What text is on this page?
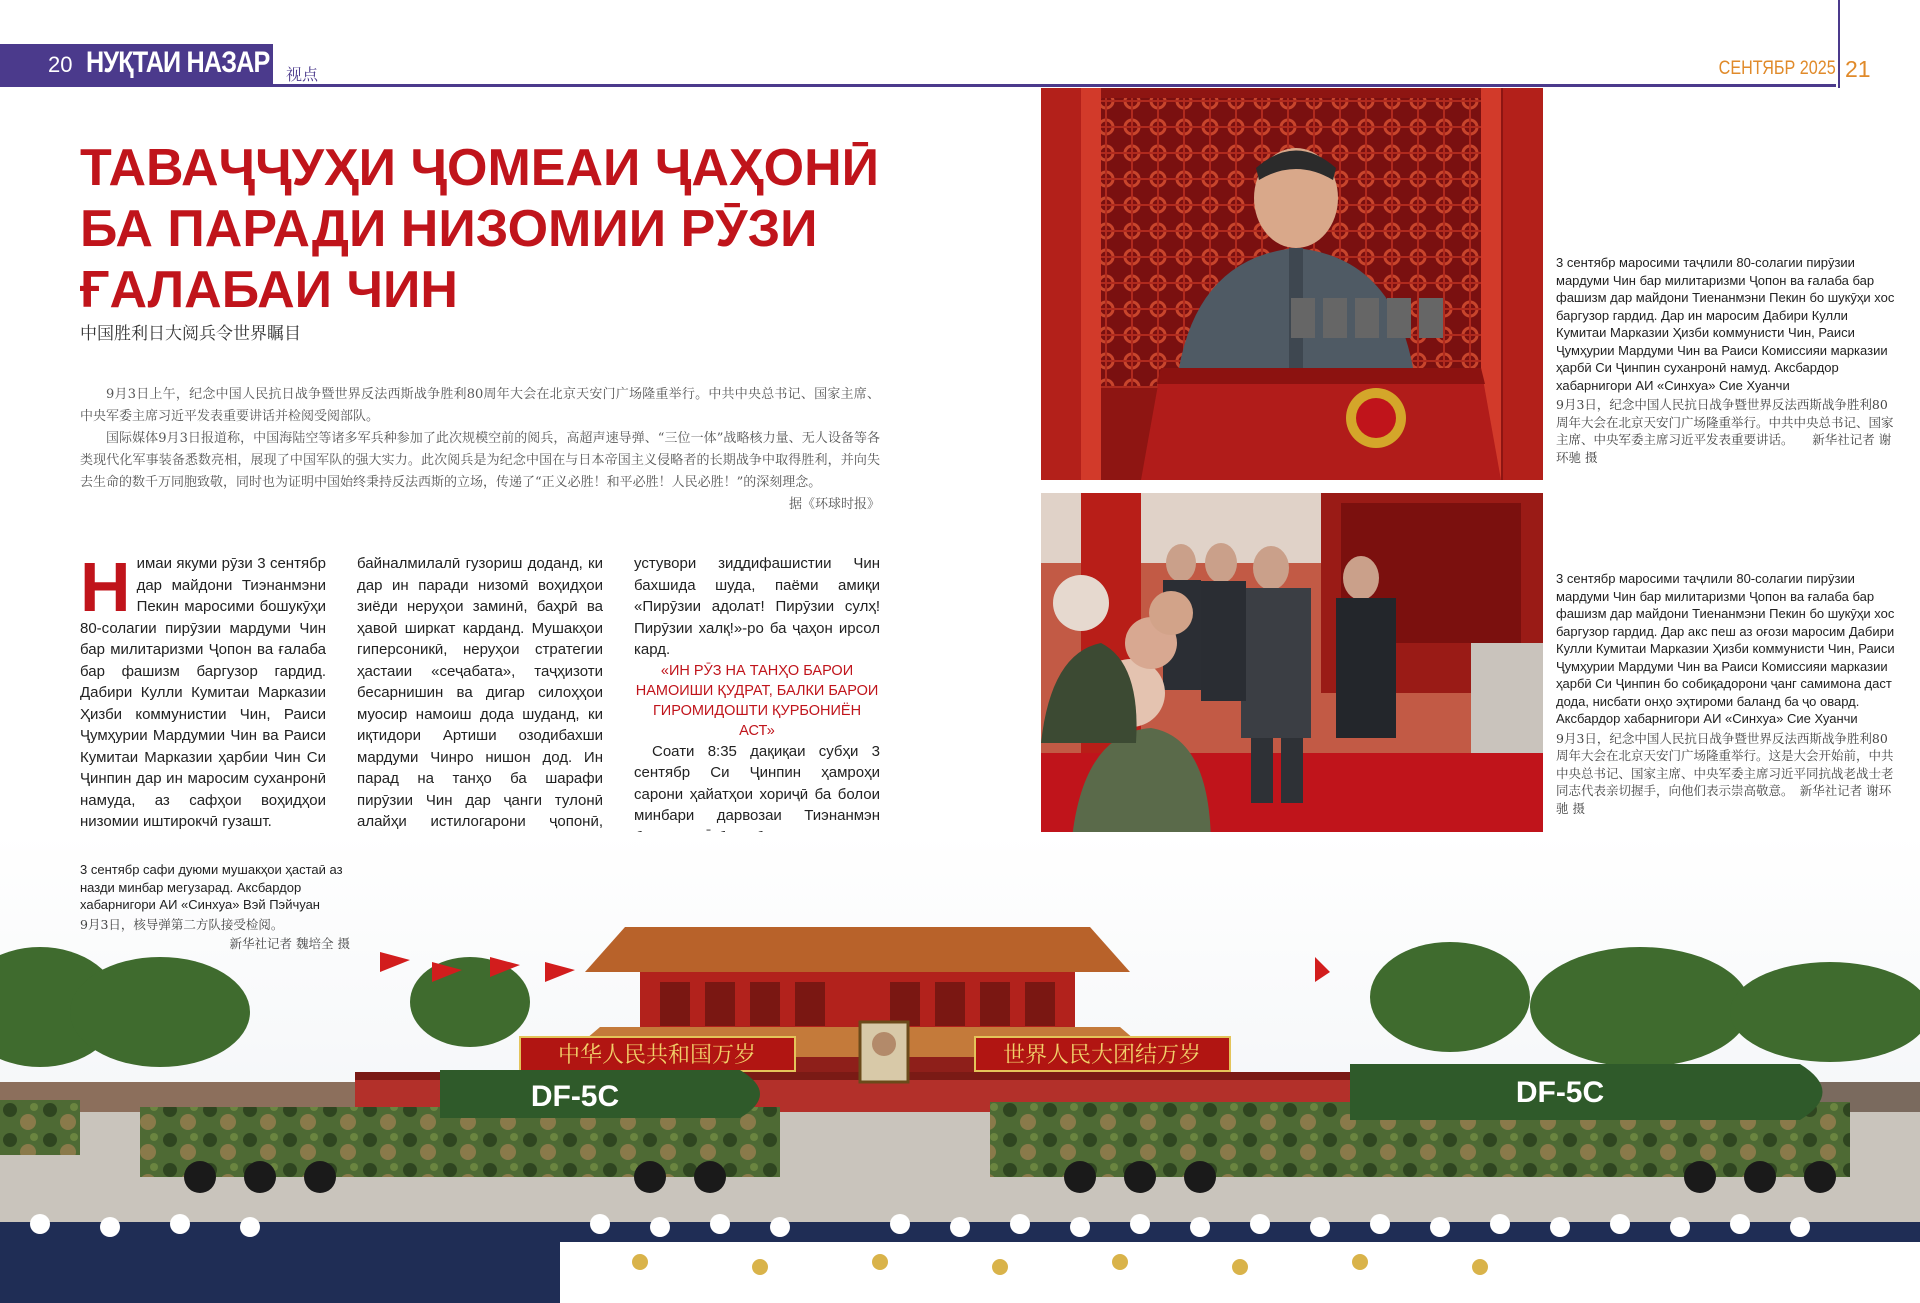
20 НУҚТАИ НАЗАР 视点	СЕНТЯБР 2025 21
ТАВАҶҶУҲИ ҶОМЕАИ ҶАҲОНӢ
БА ПАРАДИ НИЗОМИИ РӮЗИ
ҒАЛАБАИ ЧИН

中国胜利日大阅兵令世界瞩目

9月3日上午，纪念中国人民抗日战争暨世界反法西斯战争胜利80周年大会在北京天安门广场隆重举行。中共中央总书记、国家主席、中央军委主席习近平发表重要讲话并检阅受阅部队。

国际媒体9月3日报道称，中国海陆空等诸多军兵种参加了此次规模空前的阅兵，高超声速导弹、“三位一体”战略核力量、无人设备等各类现代化军事装备悉数亮相，展现了中国军队的强大实力。此次阅兵是为纪念中国在与日本帝国主义侵略者的长期战争中取得胜利，并向失去生命的数千万同胞致敬，同时也为证明中国始终秉持反法西斯的立场，传递了“正义必胜！和平必胜！人民必胜！”的深刻理念。

据《环球时报》

Нимаи якуми рӯзи 3 сентябр дар майдони Тиэнанмэни Пекин маросими бошукӯҳи 80-солагии пирӯзии мардуми Чин бар милитаризми Ҷопон ва ғалаба бар фашизм баргузор гардид. Дабири Кулли Кумитаи Марказии Ҳизби коммунистии Чин, Раиси Ҷумҳурии Мардумии Чин ва Раиси Кумитаи Марказии ҳарбии Чин Си Ҷинпин дар ин маросим суханронӣ намуда, аз сафҳои воҳидҳои низомии иштирокчӣ гузашт.

байналмилалӣ гузориш доданд, ки дар ин паради низомӣ воҳидҳои зиёди неруҳои заминӣ, баҳрӣ ва ҳавоӣ ширкат карданд. Мушакҳои гиперсоникӣ, неруҳои стратегии ҳастаии «сеҷабата», таҷҳизоти бесарнишин ва дигар силоҳҳои муосир намоиш дода шуданд, ки иқтидори Артиши озодибахши мардуми Чинро нишон дод. Ин парад на танҳо ба шарафи пирӯзии Чин дар ҷанги тулонӣ алайҳи истилогарони ҷопонӣ,

устувори зиддифашистии Чин бахшида шуда, паёми амиқи «Пирӯзии адолат! Пирӯзии сулҳ! Пирӯзии халқ!»-ро ба ҷаҳон ирсол кард.

«ИН РӮЗ НА ТАНҲО БАРОИ НАМОИШИ ҚУДРАТ, БАЛКИ БАРОИ ГИРОМИДОШТИ ҚУРБОНИЁН АСТ»

Соати 8:35 дақиқаи субҳи 3 сентябр Си Ҷинпин ҳамроҳи сарони ҳайатҳои хориҷӣ ба болои минбари дарвозаи Тиэнанмэн

中华人民共和国万岁	世界人民大团结万岁
DF-5C	DF-5C

3 сентябр маросими таҷлили 80-солагии пирӯзии мардуми Чин бар милитаризми Ҷопон ва ғалаба бар фашизм дар майдони Тиенанмэни Пекин бо шукӯҳи хос баргузор гардид. Дар ин маросим Дабири Кулли Кумитаи Марказии Ҳизби коммунисти Чин, Раиси Ҷумҳурии Мардуми Чин ва Раиси Комиссияи марказии ҳарбӣ Си Ҷинпин суханронӣ намуд. Аксбардор хабарнигори АИ «Синхуа» Сие Хуанчи

9月3日，纪念中国人民抗日战争暨世界反法西斯战争胜利80周年大会在北京天安门广场隆重举行。中共中央总书记、国家主席、中央军委主席习近平发表重要讲话。　　新华社记者 谢环驰 摄

3 сентябр маросими таҷлили 80-солагии пирӯзии мардуми Чин бар милитаризми Ҷопон ва ғалаба бар фашизм дар майдони Тиенанмэни Пекин бо шукӯҳи хос баргузор гардид. Дар акс пеш аз оғози маросим Дабири Кулли Кумитаи Марказии Ҳизби коммунисти Чин, Раиси Ҷумҳурии Мардуми Чин ва Раиси Комиссияи марказии ҳарбӣ Си Ҷинпин бо собиқадорони ҷанг самимона даст дода, нисбати онҳо эҳтироми баланд ба ҷо овард. Аксбардор хабарнигори АИ «Синхуа» Сие Хуанчи

9月3日，纪念中国人民抗日战争暨世界反法西斯战争胜利80周年大会在北京天安门广场隆重举行。这是大会开始前，中共中央总书记、国家主席、中央军委主席习近平同抗战老战士老同志代表亲切握手，向他们表示崇高敬意。　新华社记者 谢环驰 摄

3 сентябр сафи дуюми мушакҳои ҳастаӣ аз назди минбар мегузарад. Аксбардор хабарнигори АИ «Синхуа» Вэй Пэйчуан

9月3日，核导弹第二方队接受检阅。

新华社记者 魏培全 摄
